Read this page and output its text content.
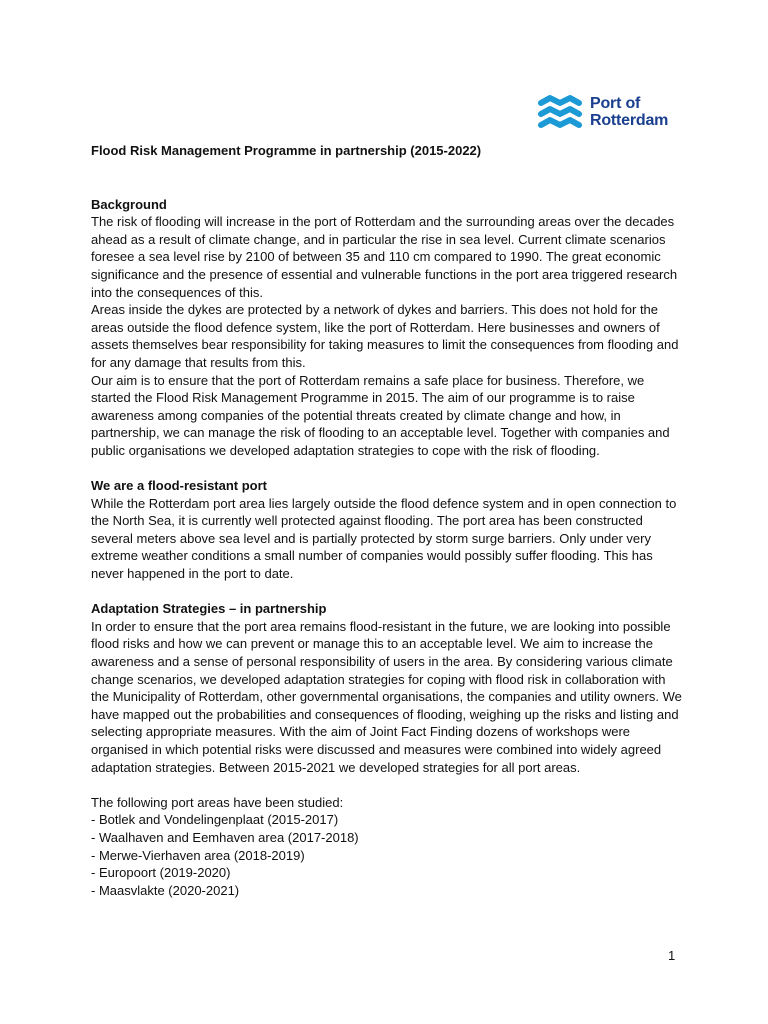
Port of
Rotterdam
Flood Risk Management Programme in partnership (2015-2022)
Background

The risk of flooding will increase in the port of Rotterdam and the surrounding areas over the decades ahead as a result of climate change, and in particular the rise in sea level. Current climate scenarios foresee a sea level rise by 2100 of between 35 and 110 cm compared to 1990. The great economic significance and the presence of essential and vulnerable functions in the port area triggered research into the consequences of this.

Areas inside the dykes are protected by a network of dykes and barriers. This does not hold for the areas outside the flood defence system, like the port of Rotterdam. Here businesses and owners of assets themselves bear responsibility for taking measures to limit the consequences from flooding and for any damage that results from this.

Our aim is to ensure that the port of Rotterdam remains a safe place for business. Therefore, we started the Flood Risk Management Programme in 2015. The aim of our programme is to raise awareness among companies of the potential threats created by climate change and how, in partnership, we can manage the risk of flooding to an acceptable level. Together with companies and public organisations we developed adaptation strategies to cope with the risk of flooding.

We are a flood-resistant port

While the Rotterdam port area lies largely outside the flood defence system and in open connection to the North Sea, it is currently well protected against flooding. The port area has been constructed several meters above sea level and is partially protected by storm surge barriers. Only under very extreme weather conditions a small number of companies would possibly suffer flooding. This has never happened in the port to date.

Adaptation Strategies – in partnership

In order to ensure that the port area remains flood-resistant in the future, we are looking into possible flood risks and how we can prevent or manage this to an acceptable level. We aim to increase the awareness and a sense of personal responsibility of users in the area. By considering various climate change scenarios, we developed adaptation strategies for coping with flood risk in collaboration with the Municipality of Rotterdam, other governmental organisations, the companies and utility owners. We have mapped out the probabilities and consequences of flooding, weighing up the risks and listing and selecting appropriate measures. With the aim of Joint Fact Finding dozens of workshops were organised in which potential risks were discussed and measures were combined into widely agreed adaptation strategies. Between 2015-2021 we developed strategies for all port areas.

The following port areas have been studied:

- Botlek and Vondelingenplaat (2015-2017)
- Waalhaven and Eemhaven area (2017-2018)
- Merwe-Vierhaven area (2018-2019)
- Europoort (2019-2020)
- Maasvlakte (2020-2021)
1
